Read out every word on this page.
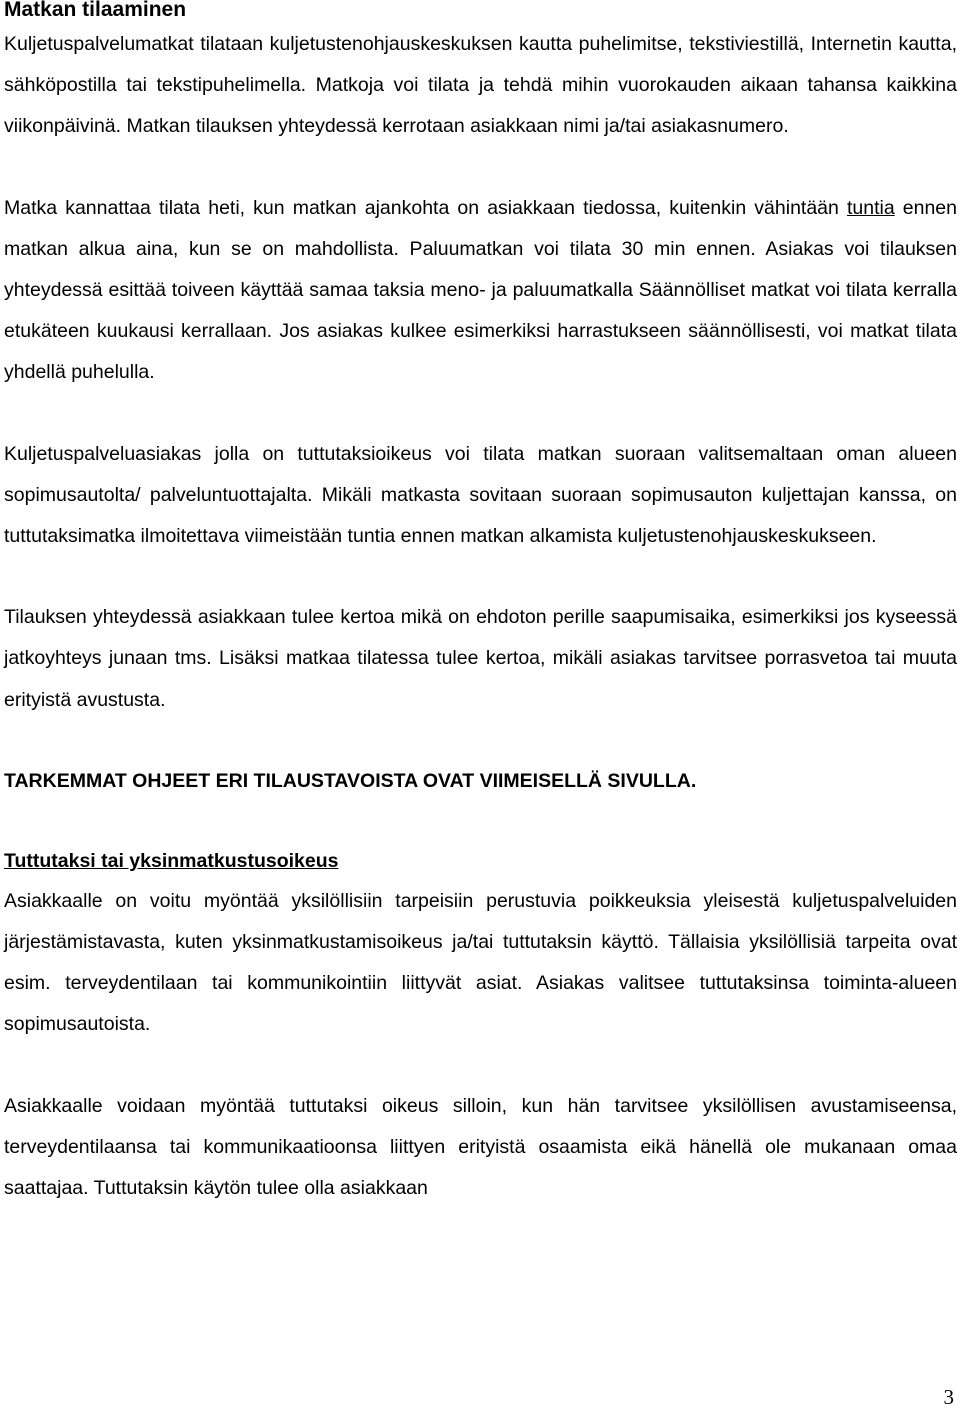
Matkan tilaaminen

Kuljetuspalvelumatkat tilataan kuljetustenohjauskeskuksen kautta puhelimitse, tekstiviestillä, Internetin kautta, sähköpostilla tai tekstipuhelimella. Matkoja voi tilata ja tehdä mihin vuorokauden aikaan tahansa kaikkina viikonpäivinä. Matkan tilauksen yhteydessä kerrotaan asiakkaan nimi ja/tai asiakasnumero.

Matka kannattaa tilata heti, kun matkan ajankohta on asiakkaan tiedossa, kuitenkin vähintään tuntia ennen matkan alkua aina, kun se on mahdollista. Paluumatkan voi tilata 30 min ennen. Asiakas voi tilauksen yhteydessä esittää toiveen käyttää samaa taksia meno- ja paluumatkalla Säännölliset matkat voi tilata kerralla etukäteen kuukausi kerrallaan. Jos asiakas kulkee esimerkiksi harrastukseen säännöllisesti, voi matkat tilata yhdellä puhelulla.

Kuljetuspalveluasiakas jolla on tuttutaksioikeus voi tilata matkan suoraan valitsemaltaan oman alueen sopimusautolta/ palveluntuottajalta. Mikäli matkasta sovitaan suoraan sopimusauton kuljettajan kanssa, on tuttutaksimatka ilmoitettava viimeistään tuntia ennen matkan alkamista kuljetustenohjauskeskukseen.

Tilauksen yhteydessä asiakkaan tulee kertoa mikä on ehdoton perille saapumisaika, esimerkiksi jos kyseessä jatkoyhteys junaan tms. Lisäksi matkaa tilatessa tulee kertoa, mikäli asiakas tarvitsee porrasvetoa tai muuta erityistä avustusta.

TARKEMMAT OHJEET ERI TILAUSTAVOISTA OVAT VIIMEISELLÄ SIVULLA.

Tuttutaksi tai yksinmatkustusoikeus

Asiakkaalle on voitu myöntää yksilöllisiin tarpeisiin perustuvia poikkeuksia yleisestä kuljetuspalveluiden järjestämistavasta, kuten yksinmatkustamisoikeus ja/tai tuttutaksin käyttö. Tällaisia yksilöllisiä tarpeita ovat esim. terveydentilaan tai kommunikointiin liittyvät asiat. Asiakas valitsee tuttutaksinsa toiminta-alueen sopimusautoista.

Asiakkaalle voidaan myöntää tuttutaksi oikeus silloin, kun hän tarvitsee yksilöllisen avustamiseensa, terveydentilaansa tai kommunikaatioonsa liittyen erityistä osaamista eikä hänellä ole mukanaan omaa saattajaa. Tuttutaksin käytön tulee olla asiakkaan

3
